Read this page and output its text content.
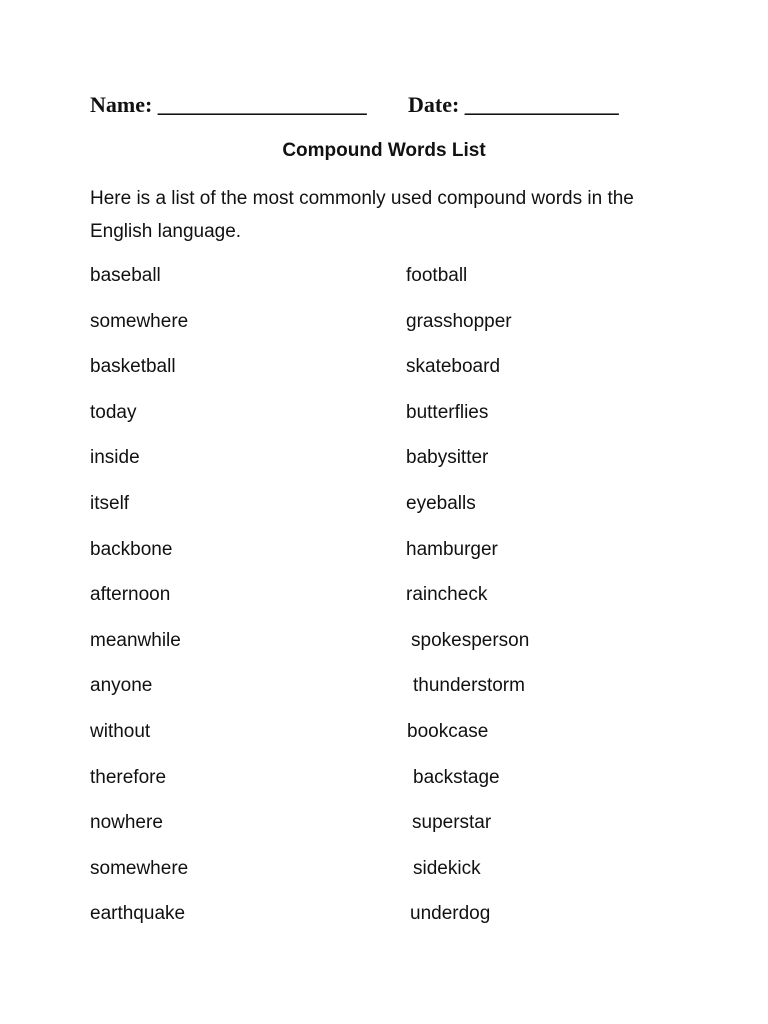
Name: ___________________ Date: ______________
Compound Words List
Here is a list of the most commonly used compound words in the English language.
baseball
somewhere
basketball
today
inside
itself
backbone
afternoon
meanwhile
anyone
without
therefore
nowhere
somewhere
earthquake
football
grasshopper
skateboard
butterflies
babysitter
eyeballs
hamburger
raincheck
spokesperson
thunderstorm
bookcase
backstage
superstar
sidekick
underdog
